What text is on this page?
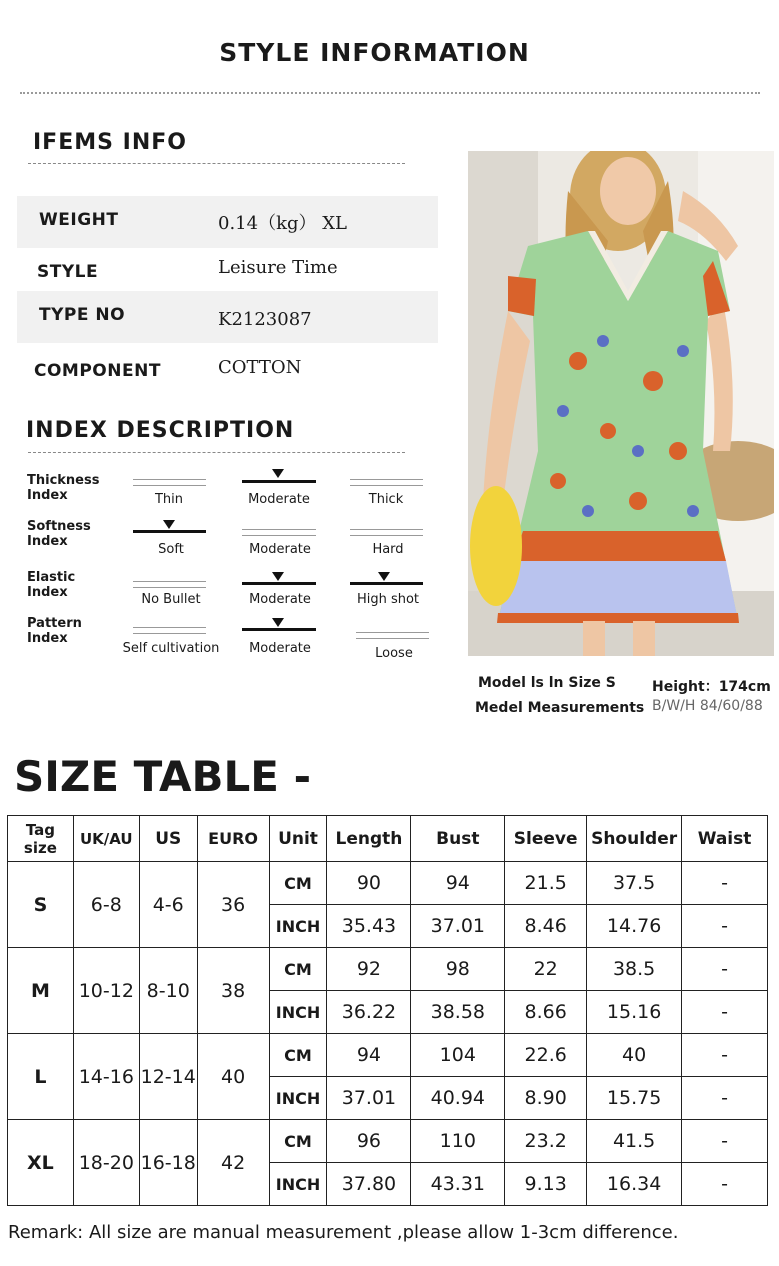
STYLE INFORMATION
IFEMS INFO
WEIGHT	0.14（kg） XL
STYLE	Leisure Time
TYPE NO	K2123087
COMPONENT	COTTON
INDEX DESCRIPTION
Thickness
Index	Thin	Moderate	Thick
Softness
Index
Soft	Moderate	Hard
Elastic
Index	No Bullet	Moderate	High shot
Pattern
Index
Self cultivation	Moderate	Loose
Model ls ln Size S
Medel Measurements
Height：174cm
B/W/H 84/60/88
SIZE TABLE -
Tag size	UK/AU	US	EURO	Unit	Length	Bust	Sleeve	Shoulder	Waist
S	6-8	4-6	36	CM	90	94	21.5	37.5	-
				INCH	35.43	37.01	8.46	14.76	-
M	10-12	8-10	38	CM	92	98	22	38.5	-
				INCH	36.22	38.58	8.66	15.16	-
L	14-16	12-14	40	CM	94	104	22.6	40	-
				INCH	37.01	40.94	8.90	15.75	-
XL	18-20	16-18	42	CM	96	110	23.2	41.5	-
				INCH	37.80	43.31	9.13	16.34	-
Remark: All size are manual measurement ,please allow 1-3cm difference.
